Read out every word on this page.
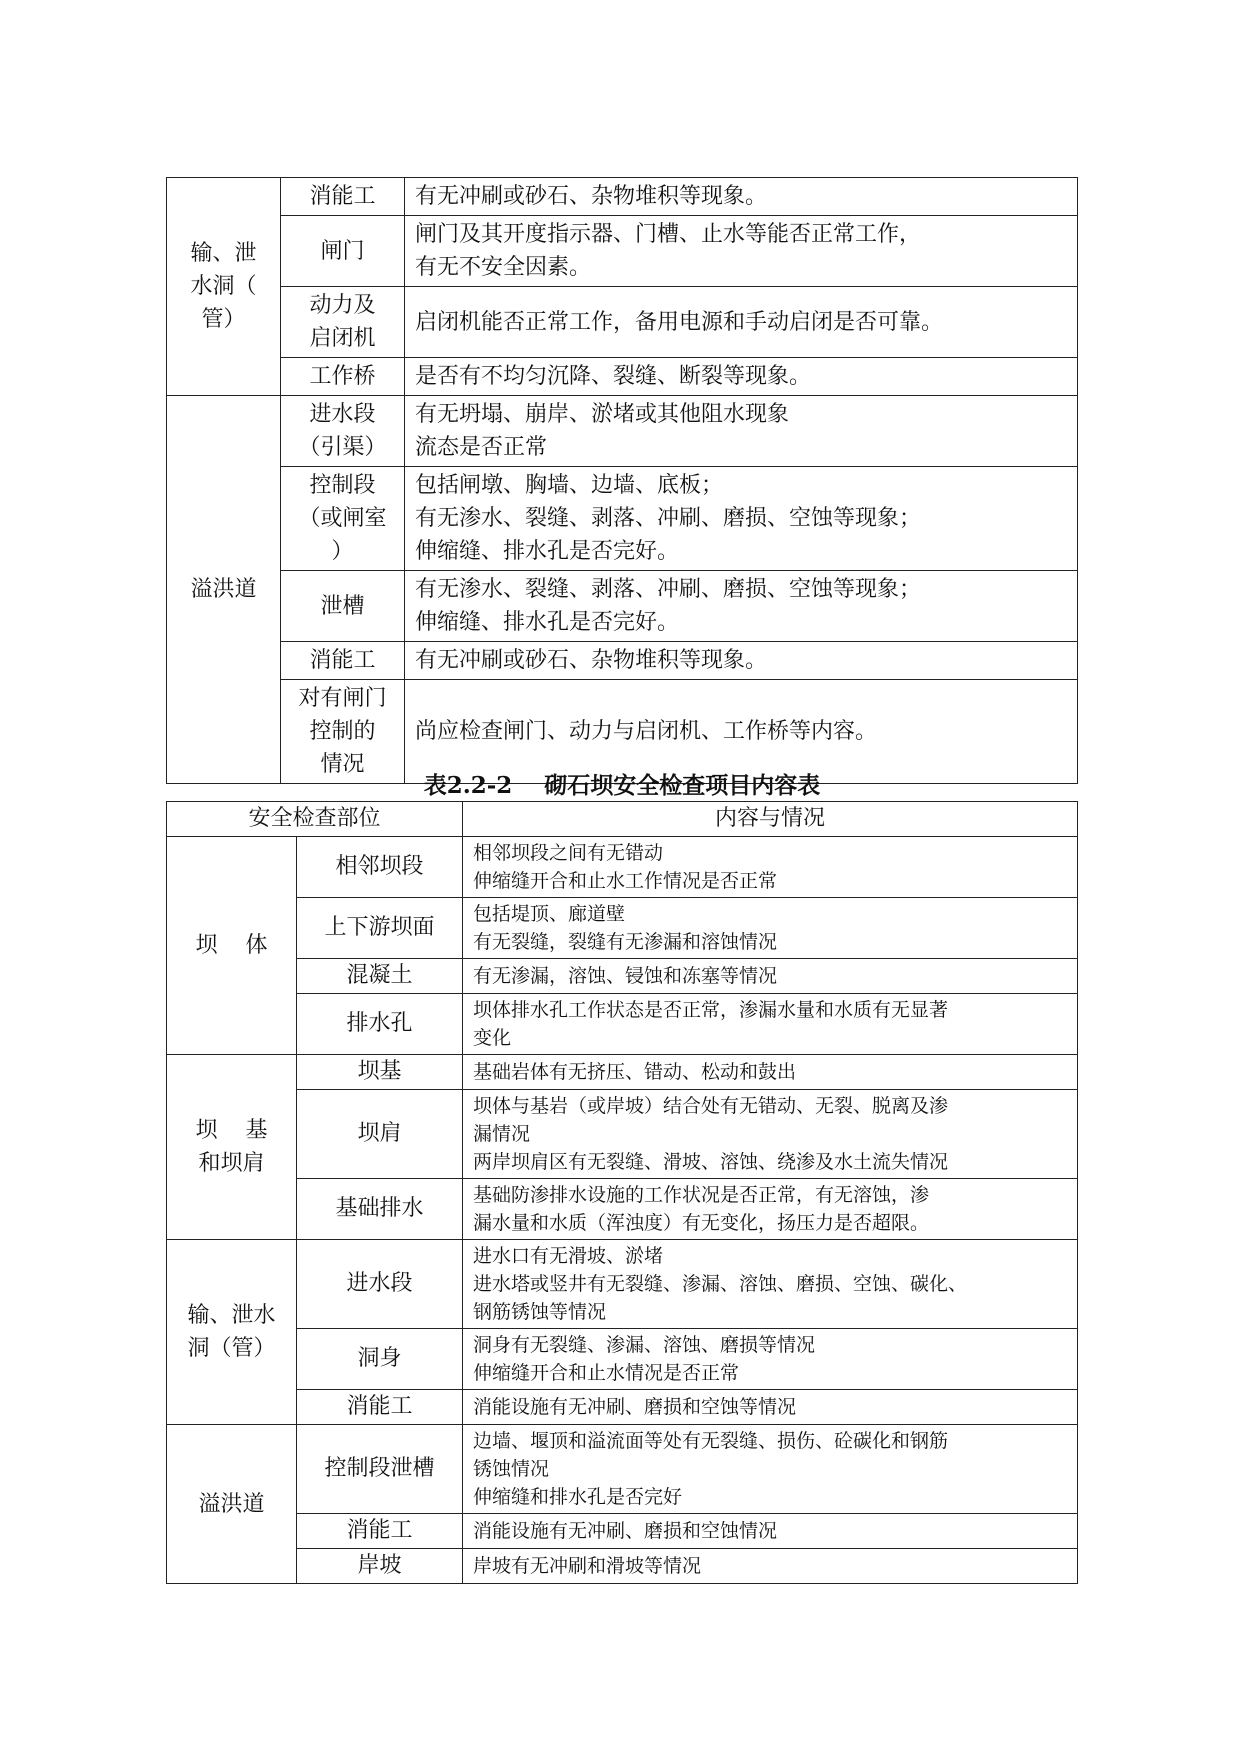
输、泄
水洞（
管）	消能工	有无冲刷或砂石、杂物堆积等现象。

	闸门	闸门及其开度指示器、门槽、止水等能否正常工作，
有无不安全因素。

	动力及
启闭机	启闭机能否正常工作，备用电源和手动启闭是否可靠。

	工作桥	是否有不均匀沉降、裂缝、断裂等现象。

溢洪道	进水段
（引渠）	有无坍塌、崩岸、淤堵或其他阻水现象
流态是否正常

	控制段
（或闸室
）	包括闸墩、胸墙、边墙、底板；
有无渗水、裂缝、剥落、冲刷、磨损、空蚀等现象；
伸缩缝、排水孔是否完好。

	泄槽	有无渗水、裂缝、剥落、冲刷、磨损、空蚀等现象；
伸缩缝、排水孔是否完好。

	消能工	有无冲刷或砂石、杂物堆积等现象。

	对有闸门
控制的
情况	尚应检查闸门、动力与启闭机、工作桥等内容。
表2.2-2    砌石坝安全检查项目内容表
安全检查部位		内容与情况

坝    体	相邻坝段	相邻坝段之间有无错动
伸缩缝开合和止水工作情况是否正常

	上下游坝面	包括堤顶、廊道壁
有无裂缝，裂缝有无渗漏和溶蚀情况

	混凝土	有无渗漏，溶蚀、锓蚀和冻塞等情况

	排水孔	坝体排水孔工作状态是否正常，渗漏水量和水质有无显著
变化

坝    基
和坝肩	坝基	基础岩体有无挤压、错动、松动和鼓出

	坝肩	坝体与基岩（或岸坡）结合处有无错动、无裂、脱离及渗
漏情况
两岸坝肩区有无裂缝、滑坡、溶蚀、绕渗及水土流失情况

	基础排水	基础防渗排水设施的工作状况是否正常，有无溶蚀，渗
漏水量和水质（浑浊度）有无变化，扬压力是否超限。

输、泄水
洞（管）	进水段	进水口有无滑坡、淤堵
进水塔或竖井有无裂缝、渗漏、溶蚀、磨损、空蚀、碳化、
钢筋锈蚀等情况

	洞身	洞身有无裂缝、渗漏、溶蚀、磨损等情况
伸缩缝开合和止水情况是否正常

	消能工	消能设施有无冲刷、磨损和空蚀等情况

溢洪道	控制段泄槽	边墙、堰顶和溢流面等处有无裂缝、损伤、砼碳化和钢筋
锈蚀情况
伸缩缝和排水孔是否完好

	消能工	消能设施有无冲刷、磨损和空蚀情况

	岸坡	岸坡有无冲刷和滑坡等情况
